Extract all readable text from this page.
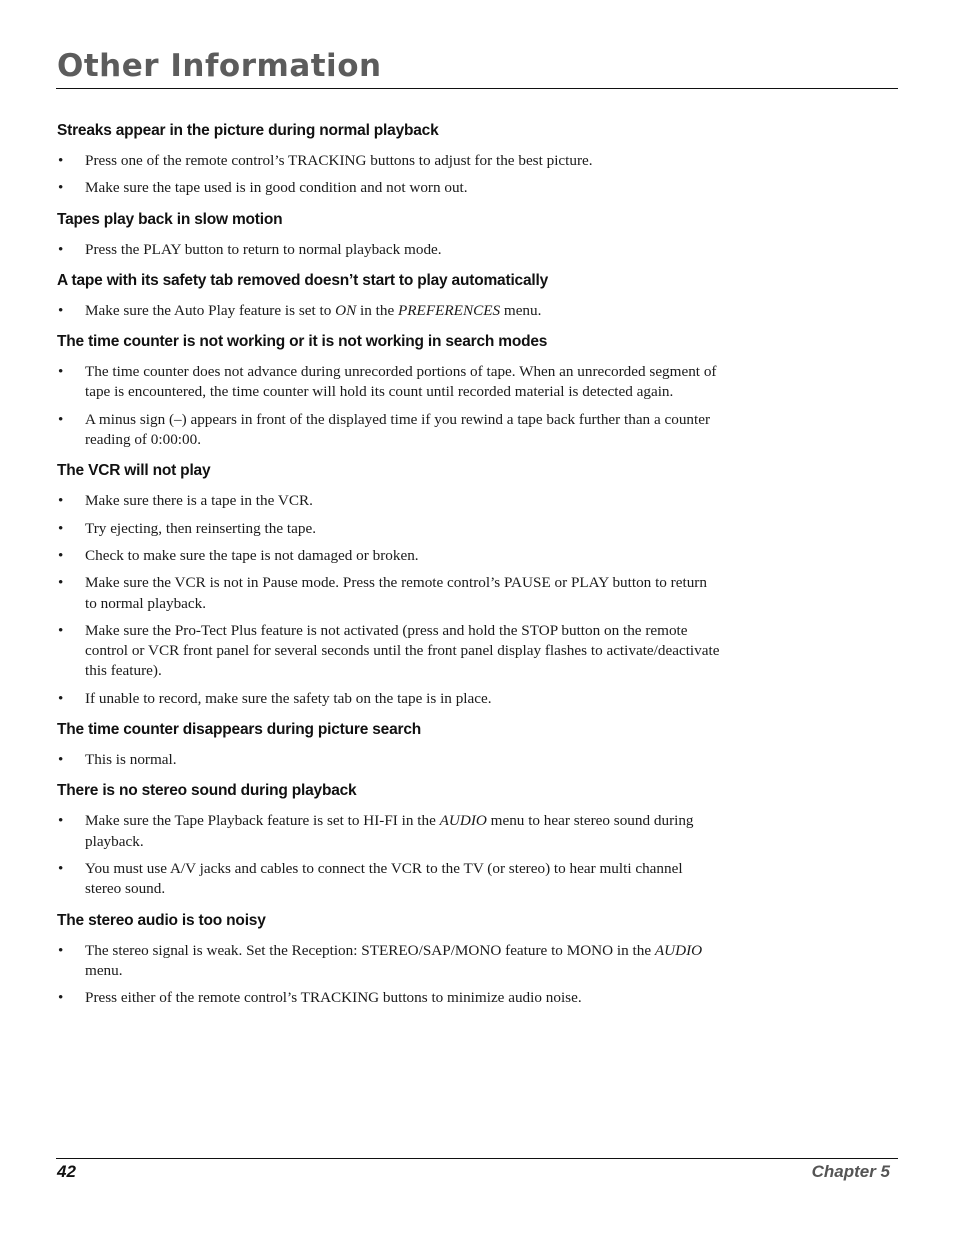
Other Information
Streaks appear in the picture during normal playback
• Press one of the remote control’s TRACKING buttons to adjust for the best picture.
• Make sure the tape used is in good condition and not worn out.
Tapes play back in slow motion
• Press the PLAY button to return to normal playback mode.
A tape with its safety tab removed doesn’t start to play automatically
• Make sure the Auto Play feature is set to ON in the PREFERENCES menu.
The time counter is not working or it is not working in search modes
• The time counter does not advance during unrecorded portions of tape. When an unrecorded segment of tape is encountered, the time counter will hold its count until recorded material is detected again.
• A minus sign (–) appears in front of the displayed time if you rewind a tape back further than a counter reading of 0:00:00.
The VCR will not play
• Make sure there is a tape in the VCR.
• Try ejecting, then reinserting the tape.
• Check to make sure the tape is not damaged or broken.
• Make sure the VCR is not in Pause mode. Press the remote control’s PAUSE or PLAY button to return to normal playback.
• Make sure the Pro-Tect Plus feature is not activated (press and hold the STOP button on the remote control or VCR front panel for several seconds until the front panel display flashes to activate/deactivate this feature).
• If unable to record, make sure the safety tab on the tape is in place.
The time counter disappears during picture search
• This is normal.
There is no stereo sound during playback
• Make sure the Tape Playback feature is set to HI-FI in the AUDIO menu to hear stereo sound during playback.
• You must use A/V jacks and cables to connect the VCR to the TV (or stereo) to hear multi channel stereo sound.
The stereo audio is too noisy
• The stereo signal is weak. Set the Reception: STEREO/SAP/MONO feature to MONO in the AUDIO menu.
• Press either of the remote control’s TRACKING buttons to minimize audio noise.
42	Chapter 5
